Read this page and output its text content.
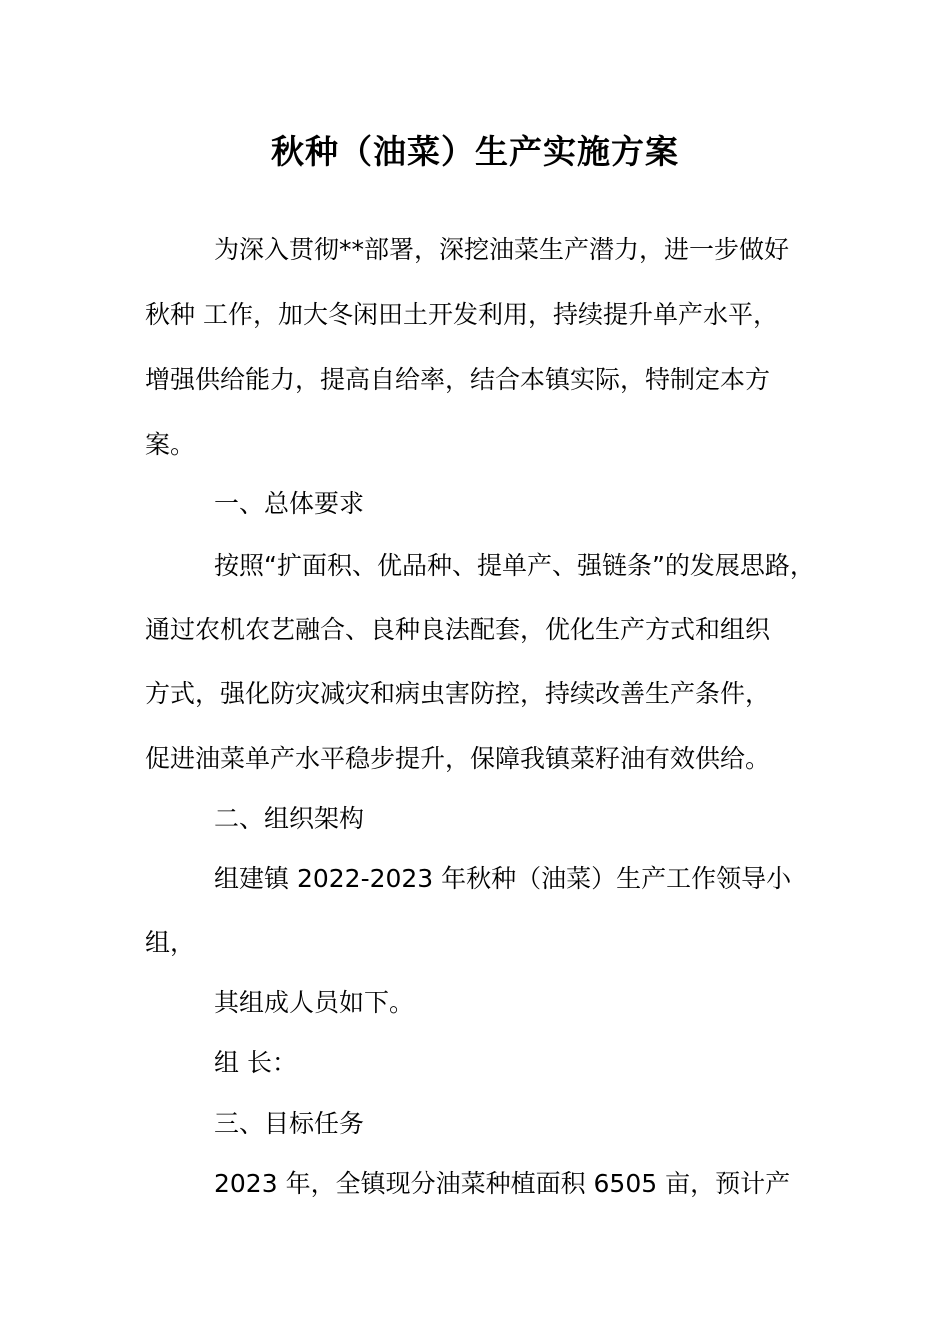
秋种（油菜）生产实施方案
为深入贯彻**部署，深挖油菜生产潜力，进一步做好
秋种 工作，加大冬闲田土开发利用，持续提升单产水平，
增强供给能力，提高自给率，结合本镇实际，特制定本方
案。
一、总体要求
按照“扩面积、优品种、提单产、强链条”的发展思路，
通过农机农艺融合、良种良法配套，优化生产方式和组织
方式，强化防灾减灾和病虫害防控，持续改善生产条件，
促进油菜单产水平稳步提升，保障我镇菜籽油有效供给。
二、组织架构
组建镇 2022-2023 年秋种（油菜）生产工作领导小
组，
其组成人员如下。
组 长：
三、目标任务
2023 年，全镇现分油菜种植面积 6505 亩，预计产
